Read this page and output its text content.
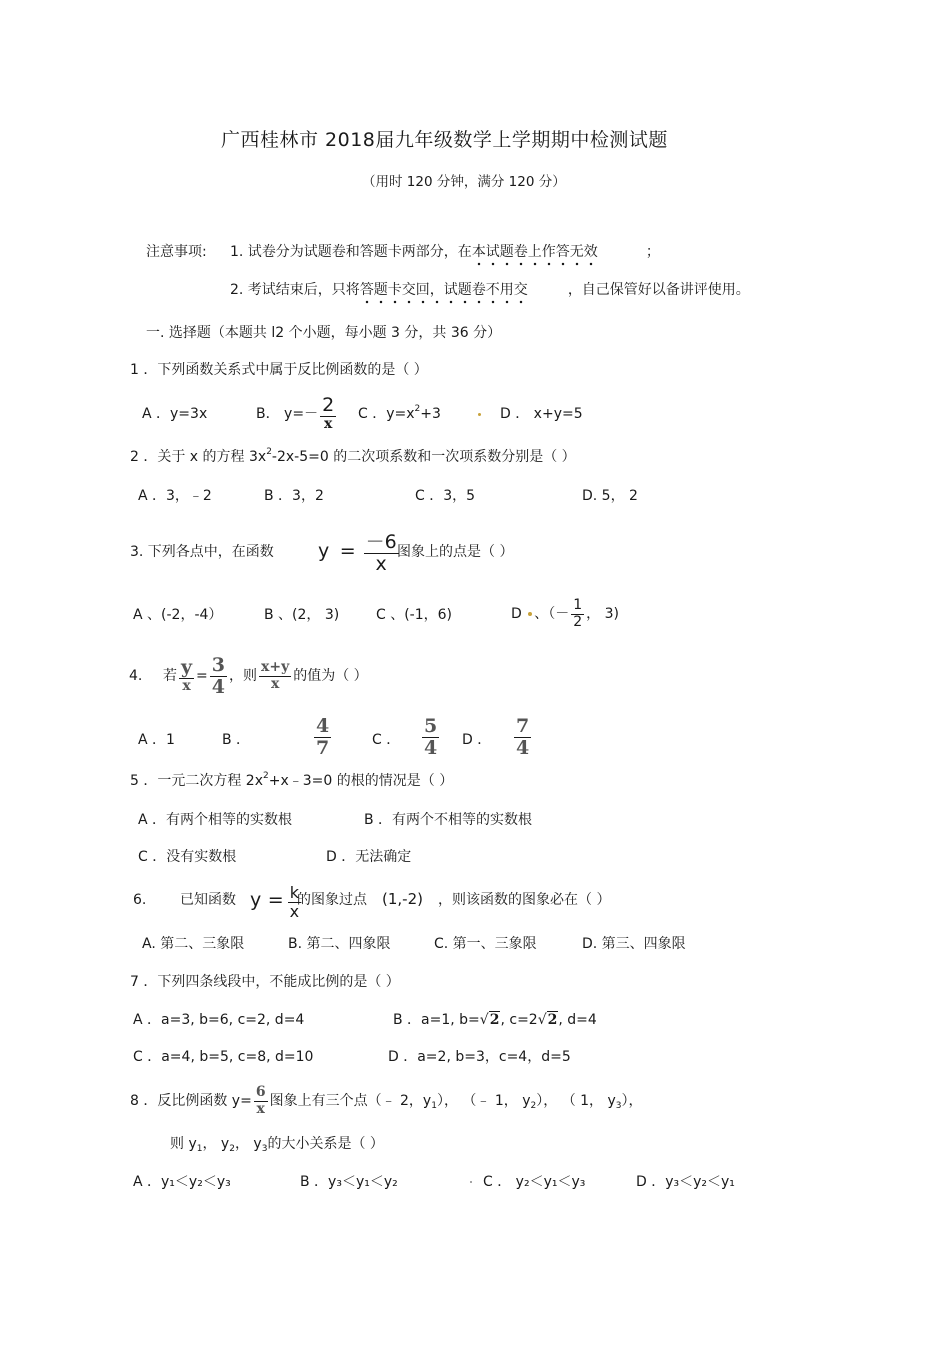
广西桂林市 2018届九年级数学上学期期中检测试题
（用时 120 分钟，满分 120 分）
注意事项: 1. 试卷分为试题卷和答题卡两部分，在本试题卷上作答无效	；
2. 考试结束后，只将答题卡交回，试题卷不用交	，自己保管好以备讲评使用。
一. 选择题（本题共 l2 个小题，每小题 3 分，共 36 分）
1 ．下列函数关系式中属于反比例函数的是（ ）
A ．y=3x	B． $y=- \frac{2}{x}$ C ．$y=x^2+3$	D ． x+y=5
2 ．关于 x 的方程 $3x^2-2x-5=0$ 的二次项系数和一次项系数分别是（ ）
A ．3，﹣2	B ．3，2	C ．3，5	D. 5， 2
3. 下列各点中，在函数 $y = \frac{-6}{x}$
图象上的点是（ ）
A 、(-2，-4）	B 、(2， 3)	C 、(-1，6)	D 、（－ $\frac{1}{2}$ ， 3)
4. 若 $\frac{y}{x} = \frac{3}{4}$ ，则 $\frac{x+y}{x}$ 的值为（ ）
A ．1	B ．	$\frac{4}{7}$	C ． $\frac{5}{4}$ D ． $\frac{7}{4}$
5 ．一元二次方程 $2x^2+x﹣3=0$ 的根的情况是（ ）
A ．有两个相等的实数根	B ．有两个不相等的实数根
C ．没有实数根	D ．无法确定
6. 已知函数 $y = \frac{k}{x}$
的图象过点 (1,-2) ，则该函数的图象必在（ ）
A. 第二、三象限	B. 第二、四象限	C. 第一、三象限	D. 第三、四象限
7 ．下列四条线段中，不能成比例的是（ ）
A ．a=3, b=6, c=2, d=4	B ．a=1, b=√2, c=2√2, d=4
C ．a=4, b=5, c=8, d=10	D ．a=2, b=3，c=4，d=5
8 ．反比例函数 $y= \frac{6}{x}$ 图象上有三个点（﹣ 2，$y_1$）， （﹣ 1， $y_2$）， （ 1， $y_3$），
则 $y_1$， $y_2$， $y_3$的大小关系是（ ）
A ．y₁＜y₂＜y₃	B ．y₃＜y₁＜y₂	C ． y₂＜y₁＜y₃	D ．y₃＜y₂＜y₁
